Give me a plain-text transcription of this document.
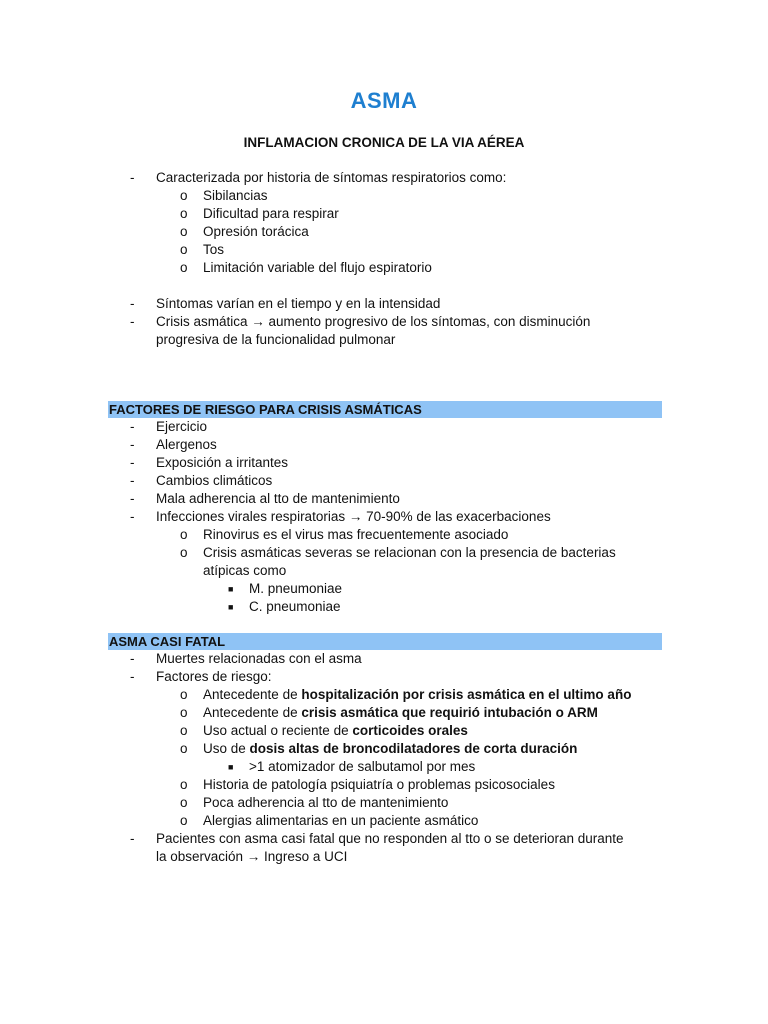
ASMA
INFLAMACION CRONICA DE LA VIA AÉREA
- Caracterizada por historia de síntomas respiratorios como:
o Sibilancias
o Dificultad para respirar
o Opresión torácica
o Tos
o Limitación variable del flujo espiratorio
- Síntomas varían en el tiempo y en la intensidad
- Crisis asmática → aumento progresivo de los síntomas, con disminución
progresiva de la funcionalidad pulmonar
FACTORES DE RIESGO PARA CRISIS ASMÁTICAS
- Ejercicio
- Alergenos
- Exposición a irritantes
- Cambios climáticos
- Mala adherencia al tto de mantenimiento
- Infecciones virales respiratorias → 70-90% de las exacerbaciones
o Rinovirus es el virus mas frecuentemente asociado
o Crisis asmáticas severas se relacionan con la presencia de bacterias
atípicas como
■ M. pneumoniae
■ C. pneumoniae
ASMA CASI FATAL
- Muertes relacionadas con el asma
- Factores de riesgo:
o Antecedente de hospitalización por crisis asmática en el ultimo año
o Antecedente de crisis asmática que requirió intubación o ARM
o Uso actual o reciente de corticoides orales
o Uso de dosis altas de broncodilatadores de corta duración
■ >1 atomizador de salbutamol por mes
o Historia de patología psiquiatría o problemas psicosociales
o Poca adherencia al tto de mantenimiento
o Alergias alimentarias en un paciente asmático
- Pacientes con asma casi fatal que no responden al tto o se deterioran durante
la observación → Ingreso a UCI
